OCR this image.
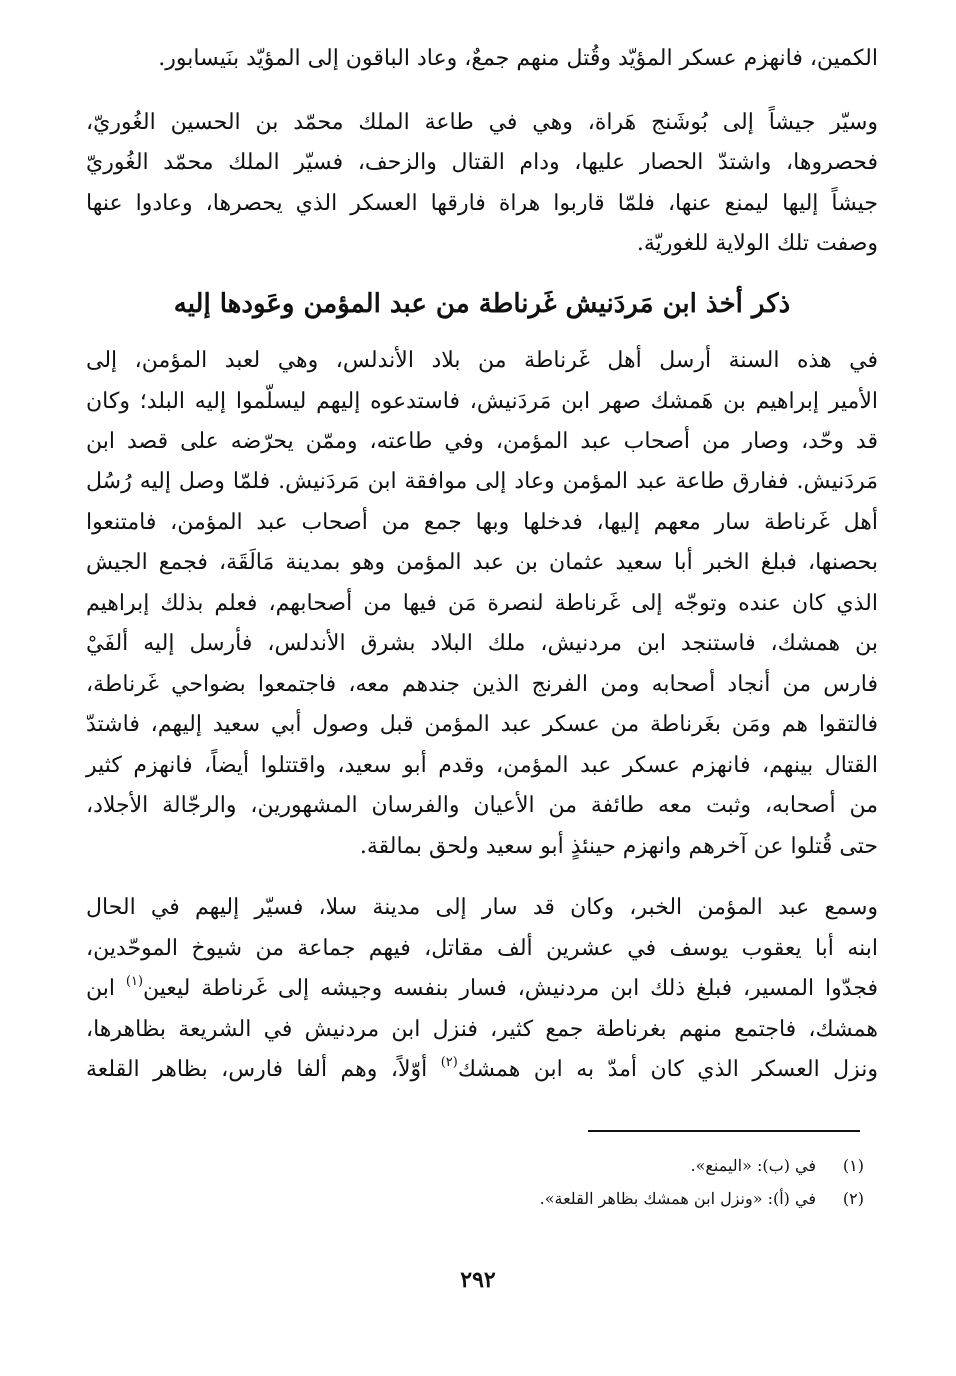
الكمين، فانهزم عسكر المؤيّد وقُتل منهم جمعٌ، وعاد الباقون إلى المؤيّد بنَيسابور.
وسيّر جيشاً إلى بُوشَنج هَراة، وهي في طاعة الملك محمّد بن الحسين الغُوريّ،
فحصروها، واشتدّ الحصار عليها، ودام القتال والزحف، فسيّر الملك محمّد الغُوريّ
جيشاً إليها ليمنع عنها، فلمّا قاربوا هراة فارقها العسكر الذي يحصرها، وعادوا عنها
وصفت تلك الولاية للغوريّة.
ذكر أخذ ابن مَردَنيش غَرناطة من عبد المؤمن وعَودها إليه
في هذه السنة أرسل أهل غَرناطة من بلاد الأندلس، وهي لعبد المؤمن، إلى
الأمير إبراهيم بن هَمشك صهر ابن مَردَنيش، فاستدعوه إليهم ليسلّموا إليه البلد؛ وكان
قد وحّد، وصار من أصحاب عبد المؤمن، وفي طاعته، وممّن يحرّضه على قصد ابن
مَردَنيش. ففارق طاعة عبد المؤمن وعاد إلى موافقة ابن مَردَنيش. فلمّا وصل إليه رُسُل
أهل غَرناطة سار معهم إليها، فدخلها وبها جمع من أصحاب عبد المؤمن، فامتنعوا
بحصنها، فبلغ الخبر أبا سعيد عثمان بن عبد المؤمن وهو بمدينة مَالَقَة، فجمع الجيش
الذي كان عنده وتوجّه إلى غَرناطة لنصرة مَن فيها من أصحابهم، فعلم بذلك إبراهيم
بن همشك، فاستنجد ابن مردنيش، ملك البلاد بشرق الأندلس، فأرسل إليه ألفَيْ
فارس من أنجاد أصحابه ومن الفرنج الذين جندهم معه، فاجتمعوا بضواحي غَرناطة،
فالتقوا هم ومَن بغَرناطة من عسكر عبد المؤمن قبل وصول أبي سعيد إليهم، فاشتدّ
القتال بينهم، فانهزم عسكر عبد المؤمن، وقدم أبو سعيد، واقتتلوا أيضاً، فانهزم كثير
من أصحابه، وثبت معه طائفة من الأعيان والفرسان المشهورين، والرجّالة الأجلاد،
حتى قُتلوا عن آخرهم وانهزم حينئذٍ أبو سعيد ولحق بمالقة.
وسمع عبد المؤمن الخبر، وكان قد سار إلى مدينة سلا، فسيّر إليهم في الحال
ابنه أبا يعقوب يوسف في عشرين ألف مقاتل، فيهم جماعة من شيوخ الموحّدين،
فجدّوا المسير، فبلغ ذلك ابن مردنيش، فسار بنفسه وجيشه إلى غَرناطة ليعين$^{(١)}$ ابن
همشك، فاجتمع منهم بغرناطة جمع كثير، فنزل ابن مردنيش في الشريعة بظاهرها،
ونزل العسكر الذي كان أمدّ به ابن همشك$^{(٢)}$ أوّلاً، وهم ألفا فارس، بظاهر القلعة
(١)في (ب): «اليمنع».
(٢)في (أ): «ونزل ابن همشك بظاهر القلعة».
٢٩٢
